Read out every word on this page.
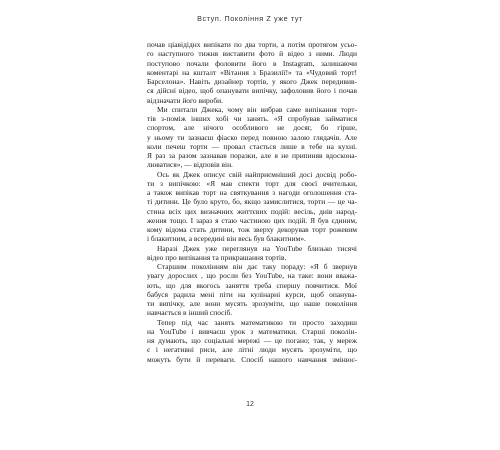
Вступ. Покоління Z уже тут
почав ціавідіднх випікати по два торти, а потім протягом усьо-
го наступного тижня виставити фото й відео з ними. Люди
поступово почали фоловити його в Instagram, залишаючи
коментарі на кшталт «Вітання з Бразилії!» та «Чудовий торт!
Барселона». Навіть дизайнер тортів, у якого Джек передивив-
ся дійсні відео, щоб опанувати випічку, зафоловив його і почав
відзначати його вироби.
Ми спитали Джека, чому він вибрав саме випікання торт-
тів з-поміж інших хобі чи занять. «Я спробував займатися
спортом, але нічого особливого не досяг, бо гірше,
у ньому ти зазнаєш фіаско перед повною залою глядачів. Але
коли печеш торти — провал стається лише в тебе на кухні.
Я раз за разом зазнавав поразки, але я не припиняв вдоскона-
люватися», — відповів він.
Ось як Джек описує свій найприємніший досі досвід робо-
ти з випічкою: «Я мав спекти торт для своєї вчительки,
а також випікав торт на святкування з нагоди оголошення ста-
ті дитини. Це було круто, бо, якщо замислитися, торти — це ча-
стина всіх цих визначних життєвих подій: весіль, днів народ-
ження тощо. І зараз я стаю частиною цих подій. Я був єдиним,
кому відома стать дитини, тож зверху декорував торт рожевим
і блакитним, а всередині він весь був блакитним».
Наразі Джек уже переглянув на YouTube близько тисячі
відео про випікання та прикрашання тортів.
Старшим поколінням він дає таку пораду: «Я б звернув
увагу дорослих , що росли без YouTube, на таке: вони вважа-
ють, що для якогось заняття треба спершу повчитися. Мої
бабуся радила мені піти на кулінарні курси, щоб опанува-
ти випічку, але вони мусять зрозуміти, що наше покоління
навчається в інший спосіб.
Тепер під час занять математикою ти просто заходиш
на YouTube і вивчаєш урок з математики. Старші поколін-
ня думають, що соціальні мережі — це погано; так, у мереж
є і негативні риси, але літні люди мусять зрозуміти, що
можуть бути й переваги. Спосіб нашого навчання змінює-
12
